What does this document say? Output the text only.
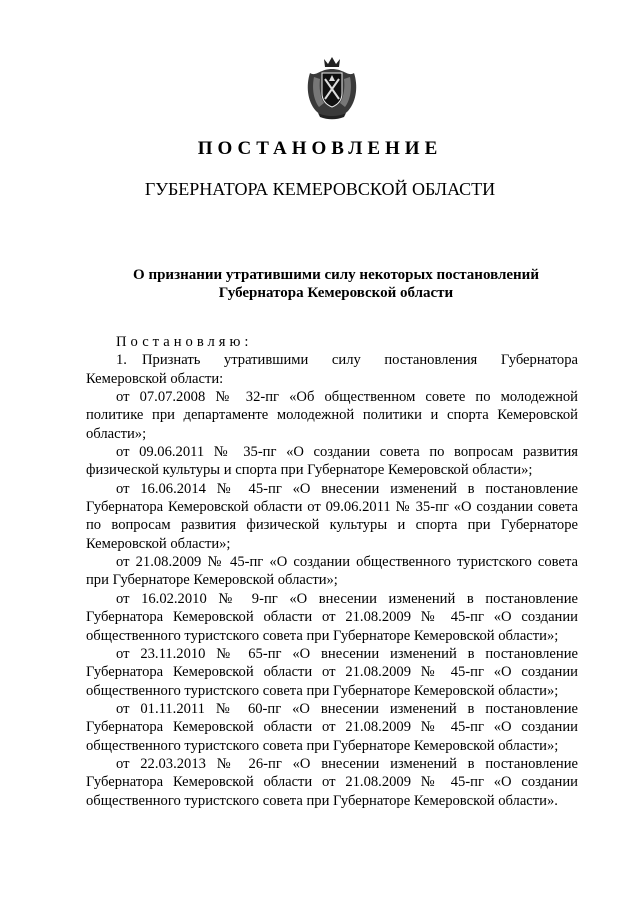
ПОСТАНОВЛЕНИЕ
ГУБЕРНАТОРА КЕМЕРОВСКОЙ ОБЛАСТИ
О признании утратившими силу некоторых постановлений
Губернатора Кемеровской области

Постановляю:

1. Признать утратившими силу постановления Губернатора Кемеровской области:

от 07.07.2008 № 32-пг «Об общественном совете по молодежной политике при департаменте молодежной политики и спорта Кемеровской области»;

от 09.06.2011 № 35-пг «О создании совета по вопросам развития физической культуры и спорта при Губернаторе Кемеровской области»;

от 16.06.2014 № 45-пг «О внесении изменений в постановление Губернатора Кемеровской области от 09.06.2011 № 35-пг «О создании совета по вопросам развития физической культуры и спорта при Губернаторе Кемеровской области»;

от 21.08.2009 № 45-пг «О создании общественного туристского совета при Губернаторе Кемеровской области»;

от 16.02.2010 № 9-пг «О внесении изменений в постановление Губернатора Кемеровской области от 21.08.2009 № 45-пг «О создании общественного туристского совета при Губернаторе Кемеровской области»;

от 23.11.2010 № 65-пг «О внесении изменений в постановление Губернатора Кемеровской области от 21.08.2009 № 45-пг «О создании общественного туристского совета при Губернаторе Кемеровской области»;

от 01.11.2011 № 60-пг «О внесении изменений в постановление Губернатора Кемеровской области от 21.08.2009 № 45-пг «О создании общественного туристского совета при Губернаторе Кемеровской области»;

от 22.03.2013 № 26-пг «О внесении изменений в постановление Губернатора Кемеровской области от 21.08.2009 № 45-пг «О создании общественного туристского совета при Губернаторе Кемеровской области».
